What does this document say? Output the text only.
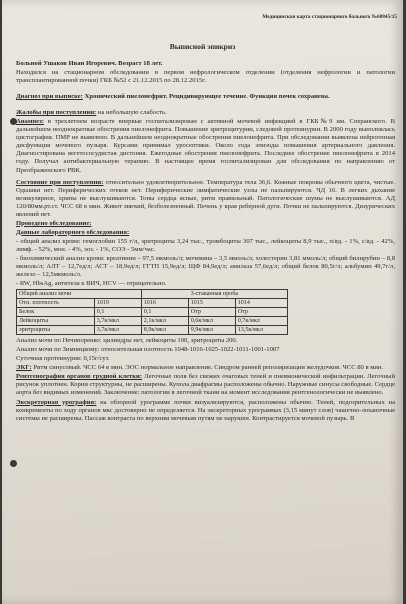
Медицинская карта стационарного больного №68845/15
Выписной эпикриз

Больной Ушаков Иван Игоревич. Возраст 18 лет.

Находился на стационарном обследовании в первом нефрологическом отделении (отделения нефрологии и патологии трансплантированной почки) ГКБ №52 с 21.12.2015 по 28.12.2015г.

Диагноз при выписке: Хронический пиелонефрит. Рецидивирующее течение. Функция почек сохранена.

Жалобы при поступлении: на небольшую слабость.

Анамнез: в трехлетнем возрасте впервые госпитализирован с активной мочевой инфекцией в ГКБ№9 им. Сперанского. В дальнейшем неоднократные обострения пиелонефрита. Повышение эритроцитурии, следовой протеинурии. В 2000 году выполнялась цистография. ПМР не выявлено. В дальнейшем неоднократные обострения пиелонефрита. При обследовании выявлена нейрогенная дисфункция мочевого пузыря. Курсами принимал уросептики. Около года эпизоды повышения артериального давления. Диагностирована вегетососудистая дистония. Ежегодные обострения пиелонефрита. Последнее обострение пиелонефрита в 2014 году. Получал антибактериальную терапию. В настоящее время госпитализирован для обследования по направлению от Преображенского РВК.

Состояние при поступлении: относительно удовлетворительное. Температура тела 36,6. Кожные покровы обычного цвета, чистые. Одышки нет. Периферических отеков нет. Периферические лимфатические узлы не пальпируются. ЧД 16. В легких дыхание везикулярное, хрипы не выслушиваются. Тоны сердца ясные, ритм правильный. Патологические шумы не выслушиваются. АД 120/80мм.рт.ст. ЧСС 68 в мин. Живот мягкий, безболезненный. Печень у края реберной дуги. Почки не пальпируются. Дизурических явлений нет.

Проведено обследование:

Данные лабораторного обследования:

- общий анализ крови: гемоглобин 155 г/л, эритроциты 3,24 тыс., тромбоциты 307 тыс., лейкоциты 8,9 тыс., п/яд. - 1%, с/яд. - 42%, лимф. - 52%, мон. - 4%, эоз. - 1%, СОЭ - 5мм/час.

- биохимический анализ крови: креатинин – 97,5 мкмоль/л; мочевина – 3,5 ммоль/л; холестерин 3,81 ммоль/л; общий билирубин – 8,8 мкмоль/л; АЛТ – 12,7ед/л; АСТ – 18,9ед/л; ГГТП 15,9ед/л; ЩФ 84,9ед/л; амилаза 57,6ед/л; общий белок 80,5г/л; альбумин 49,7г/л, железо – 12,5мкмоль/л.

- RW, HbsAg, антитела к ВИЧ, HCV — отрицательно.

Общий анализ мочи		3-стаканная проба		
Отн. плотность	1019	1016	1015	1014
Белок	0,1	0,1	Отр	Отр
Лейкоциты	3,7к/мкл	2,1к/мкл	0,6к/мкл	0,7к/мкл
эритроциты	3,7к/мкл	8,9к/мкл	9,9к/мкл	13,5к/мкл

Анализ мочи по Нечипоренко: цилиндры нет, лейкоциты 100, эритроциты 200.

Анализ мочи по Зимницкому: относительная плотность 1048-1016-1025-1022-1011-1001-1007

Суточная протеинурия: 0,15г/сут.

ЭКГ: Ритм синусовый. ЧСС 64 в мин. ЭОС нормальное направление. Синдром ранней реполяризации желудочков. ЧСС 80 в мин.

Рентгенография органов грудной клетки: Легочные поля без свежих очаговых теней и пневмонической инфильтрации. Легочный рисунок уплотнен. Корни структурны, не расширены. Купола диафрагмы расположены обычно. Наружные синусы свободные. Сердце аорта без видимых изменений. Заключение: патологии в легочной ткани на момент исследования рентгенологически не выявлено.

Экскреторная урография: на обзорной урограмме почки визуализируются, расположены обычно. Теней, подозрительных на конкременты по ходу органов мкс достоверно не определяется. На экскреторных урограммах (3,15 минут слов) чашечно-лоханочные системы не расширены. Пассаж контраста по верхним мочевым путям не нарушен. Контрастируется мочевой пузырь. В
